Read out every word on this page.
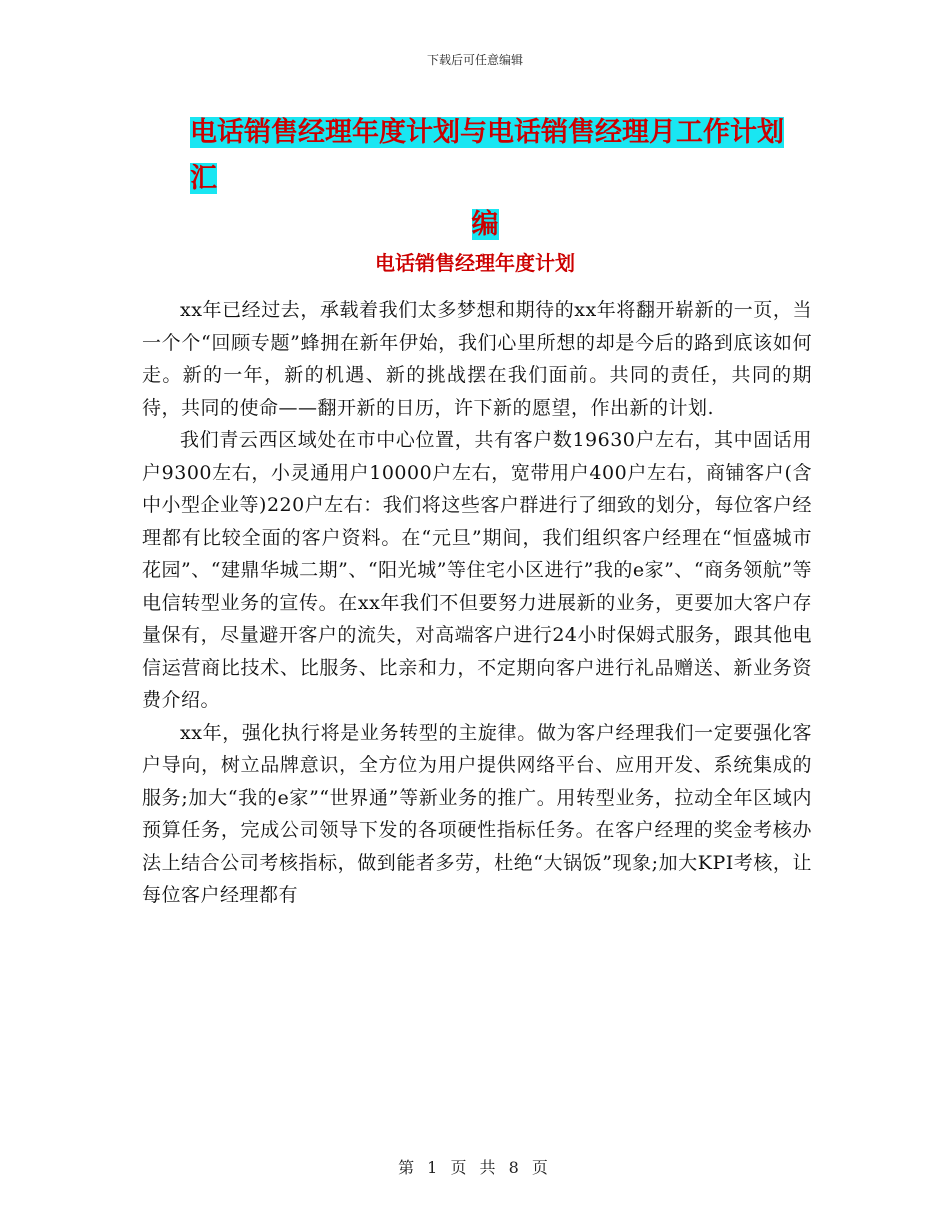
下载后可任意编辑
电话销售经理年度计划与电话销售经理月工作计划汇
编
电话销售经理年度计划

xx年已经过去，承载着我们太多梦想和期待的xx年将翻开崭新的一页，当一个个“回顾专题”蜂拥在新年伊始，我们心里所想的却是今后的路到底该如何走。新的一年，新的机遇、新的挑战摆在我们面前。共同的责任，共同的期待，共同的使命——翻开新的日历，许下新的愿望，作出新的计划.

我们青云西区域处在市中心位置，共有客户数19630户左右，其中固话用户9300左右，小灵通用户10000户左右，宽带用户400户左右，商铺客户(含中小型企业等)220户左右：我们将这些客户群进行了细致的划分，每位客户经理都有比较全面的客户资料。在“元旦”期间，我们组织客户经理在“恒盛城市花园”、“建鼎华城二期”、“阳光城”等住宅小区进行”我的e家”、“商务领航”等电信转型业务的宣传。在xx年我们不但要努力进展新的业务，更要加大客户存量保有，尽量避开客户的流失，对高端客户进行24小时保姆式服务，跟其他电信运营商比技术、比服务、比亲和力，不定期向客户进行礼品赠送、新业务资费介绍。

xx年，强化执行将是业务转型的主旋律。做为客户经理我们一定要强化客户导向，树立品牌意识，全方位为用户提供网络平台、应用开发、系统集成的服务;加大“我的e家”“世界通”等新业务的推广。用转型业务，拉动全年区域内预算任务，完成公司领导下发的各项硬性指标任务。在客户经理的奖金考核办法上结合公司考核指标，做到能者多劳，杜绝“大锅饭”现象;加大KPI考核，让每位客户经理都有

第 1 页 共 8 页
